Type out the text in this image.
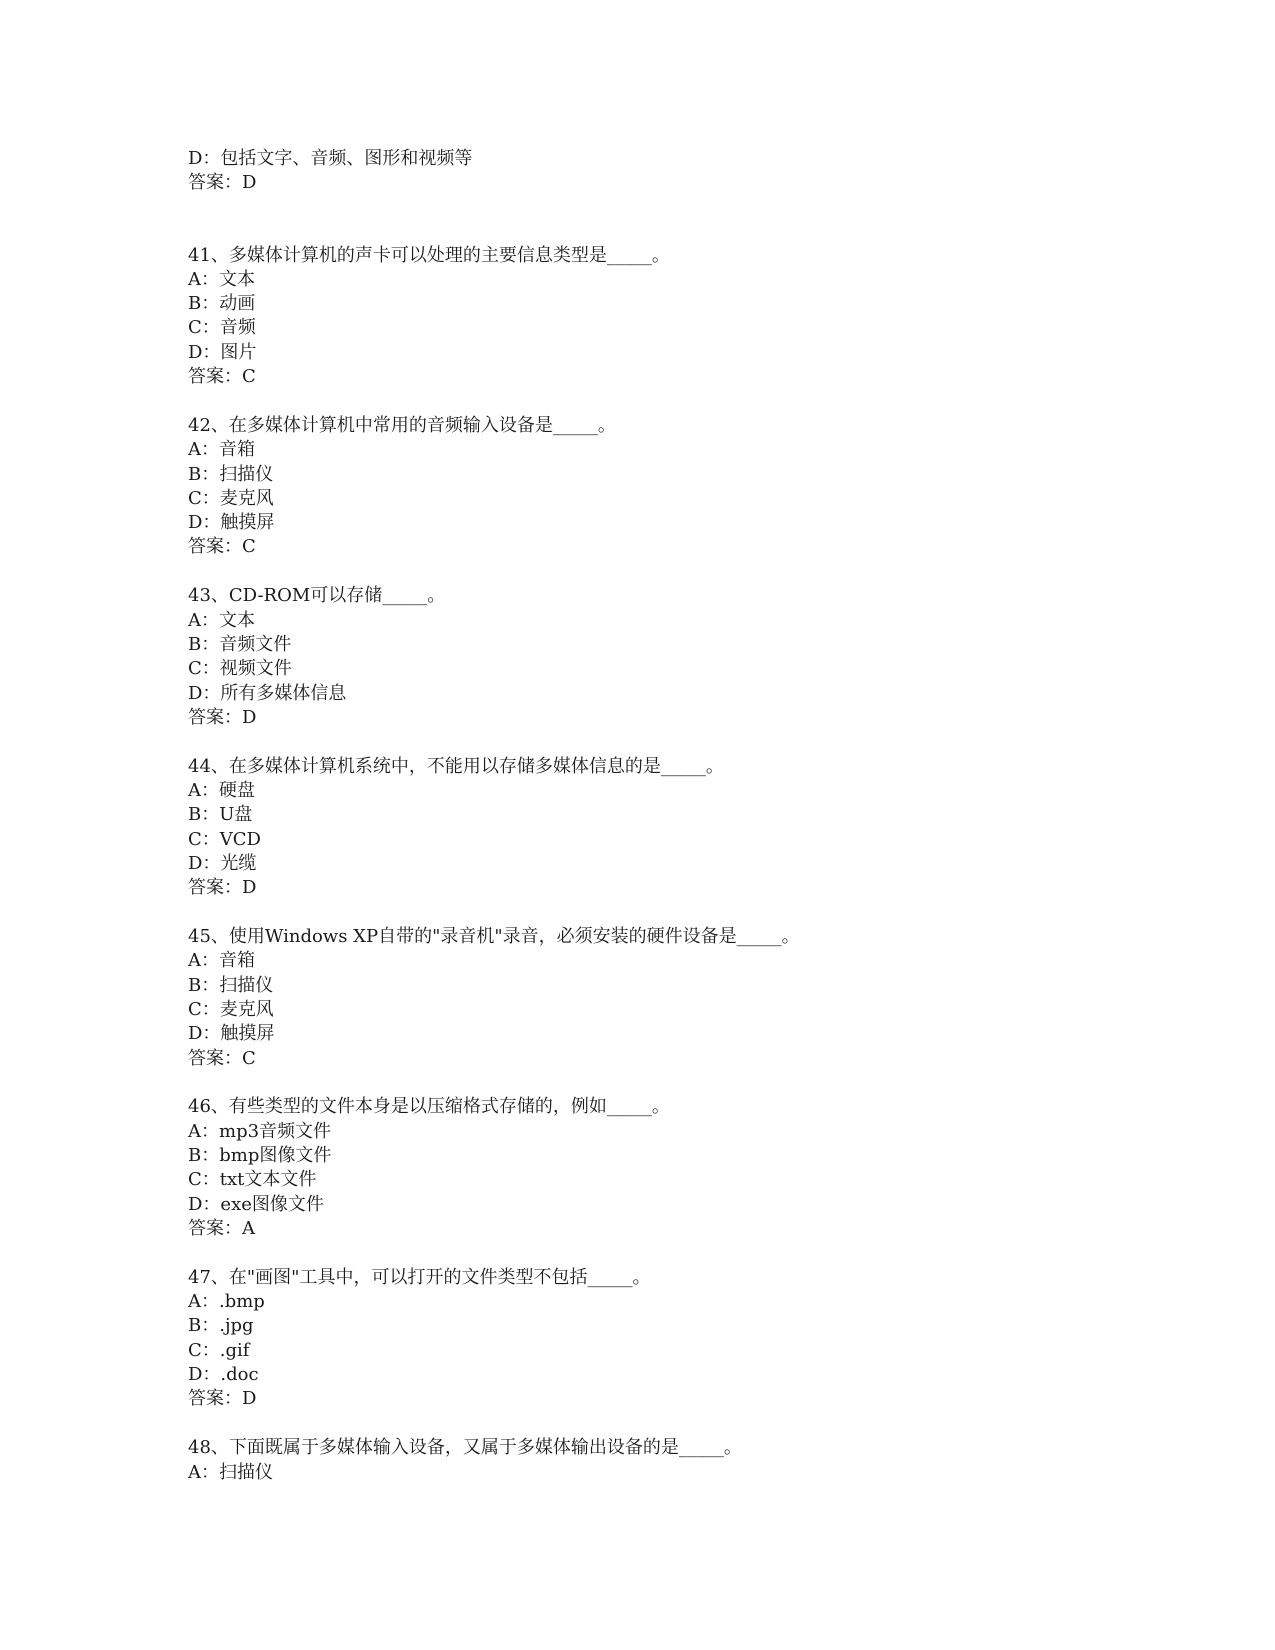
D：包括文字、音频、图形和视频等
答案：D
41、多媒体计算机的声卡可以处理的主要信息类型是_____。
A：文本
B：动画
C：音频
D：图片
答案：C
42、在多媒体计算机中常用的音频输入设备是_____。
A：音箱
B：扫描仪
C：麦克风
D：触摸屏
答案：C
43、CD-ROM可以存储_____。
A：文本
B：音频文件
C：视频文件
D：所有多媒体信息
答案：D
44、在多媒体计算机系统中，不能用以存储多媒体信息的是_____。
A：硬盘
B：U盘
C：VCD
D：光缆
答案：D
45、使用Windows XP自带的"录音机"录音，必须安装的硬件设备是_____。
A：音箱
B：扫描仪
C：麦克风
D：触摸屏
答案：C
46、有些类型的文件本身是以压缩格式存储的，例如_____。
A：mp3音频文件
B：bmp图像文件
C：txt文本文件
D：exe图像文件
答案：A
47、在"画图"工具中，可以打开的文件类型不包括_____。
A：.bmp
B：.jpg
C：.gif
D：.doc
答案：D
48、下面既属于多媒体输入设备，又属于多媒体输出设备的是_____。
A：扫描仪
